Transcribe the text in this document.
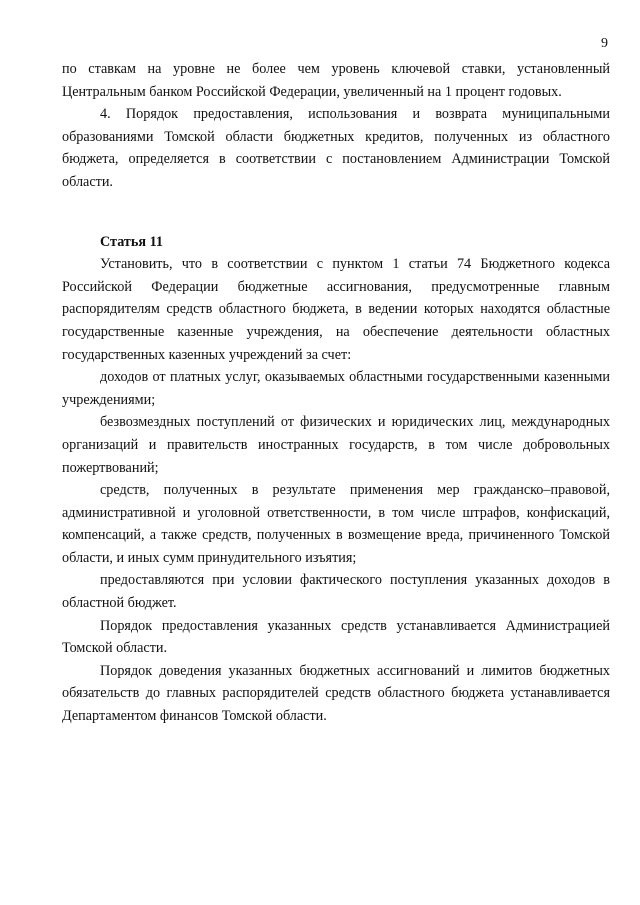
9

по ставкам на уровне не более чем уровень ключевой ставки, установленный Центральным банком Российской Федерации, увеличенный на 1 процент годовых.

4. Порядок предоставления, использования и возврата муниципальными образованиями Томской области бюджетных кредитов, полученных из областного бюджета, определяется в соответствии с постановлением Администрации Томской области.

Статья 11

Установить, что в соответствии с пунктом 1 статьи 74 Бюджетного кодекса Российской Федерации бюджетные ассигнования, предусмотренные главным распорядителям средств областного бюджета, в ведении которых находятся областные государственные казенные учреждения, на обеспечение деятельности областных государственных казенных учреждений за счет:

доходов от платных услуг, оказываемых областными государственными казенными учреждениями;

безвозмездных поступлений от физических и юридических лиц, международных организаций и правительств иностранных государств, в том числе добровольных пожертвований;

средств, полученных в результате применения мер гражданско–правовой, административной и уголовной ответственности, в том числе штрафов, конфискаций, компенсаций, а также средств, полученных в возмещение вреда, причиненного Томской области, и иных сумм принудительного изъятия;

предоставляются при условии фактического поступления указанных доходов в областной бюджет.

Порядок предоставления указанных средств устанавливается Администрацией Томской области.

Порядок доведения указанных бюджетных ассигнований и лимитов бюджетных обязательств до главных распорядителей средств областного бюджета устанавливается Департаментом финансов Томской области.
